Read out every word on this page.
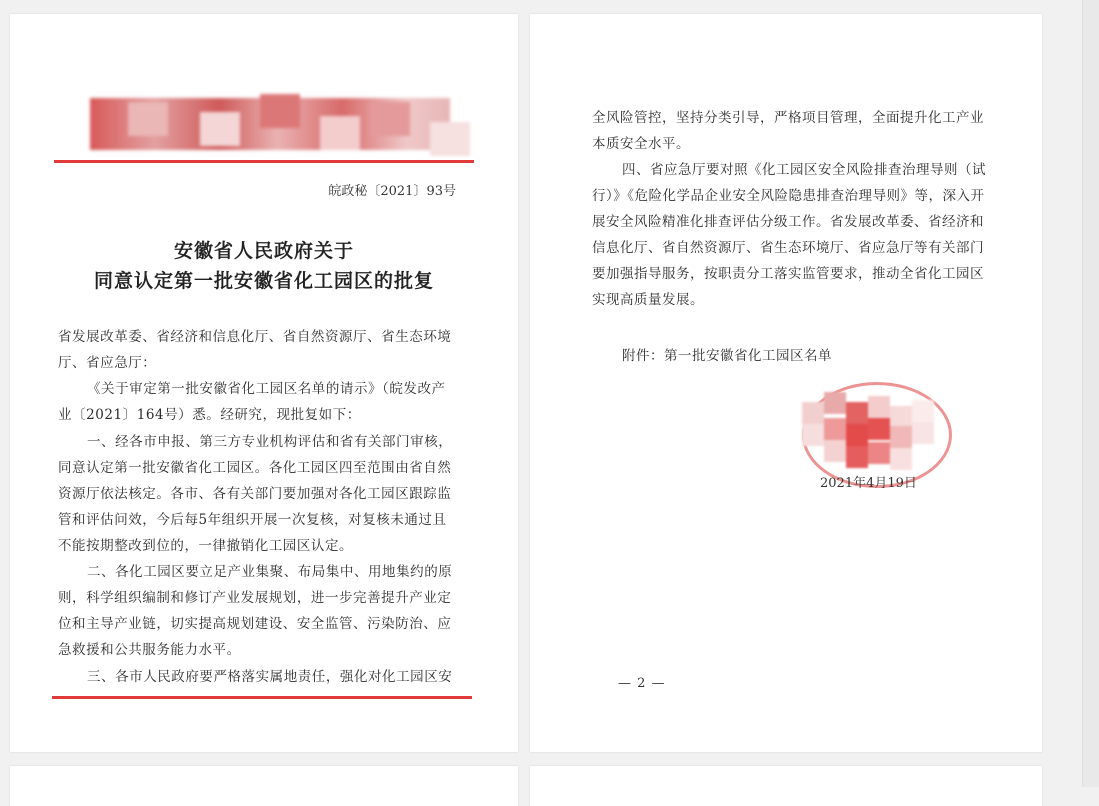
皖政秘〔2021〕93号
安徽省人民政府关于
同意认定第一批安徽省化工园区的批复
省发展改革委、省经济和信息化厅、省自然资源厅、省生态环境
厅、省应急厅：
《关于审定第一批安徽省化工园区名单的请示》（皖发改产
业〔2021〕164号）悉。经研究，现批复如下：
一、经各市申报、第三方专业机构评估和省有关部门审核，
同意认定第一批安徽省化工园区。各化工园区四至范围由省自然
资源厅依法核定。各市、各有关部门要加强对各化工园区跟踪监
管和评估问效，今后每5年组织开展一次复核，对复核未通过且
不能按期整改到位的，一律撤销化工园区认定。
二、各化工园区要立足产业集聚、布局集中、用地集约的原
则，科学组织编制和修订产业发展规划，进一步完善提升产业定
位和主导产业链，切实提高规划建设、安全监管、污染防治、应
急救援和公共服务能力水平。
三、各市人民政府要严格落实属地责任，强化对化工园区安
全风险管控，坚持分类引导，严格项目管理，全面提升化工产业
本质安全水平。
四、省应急厅要对照《化工园区安全风险排查治理导则（试
行）》《危险化学品企业安全风险隐患排查治理导则》等，深入开
展安全风险精准化排查评估分级工作。省发展改革委、省经济和
信息化厅、省自然资源厅、省生态环境厅、省应急厅等有关部门
要加强指导服务，按职责分工落实监管要求，推动全省化工园区
实现高质量发展。
附件：第一批安徽省化工园区名单
2021年4月19日
— 2 —
